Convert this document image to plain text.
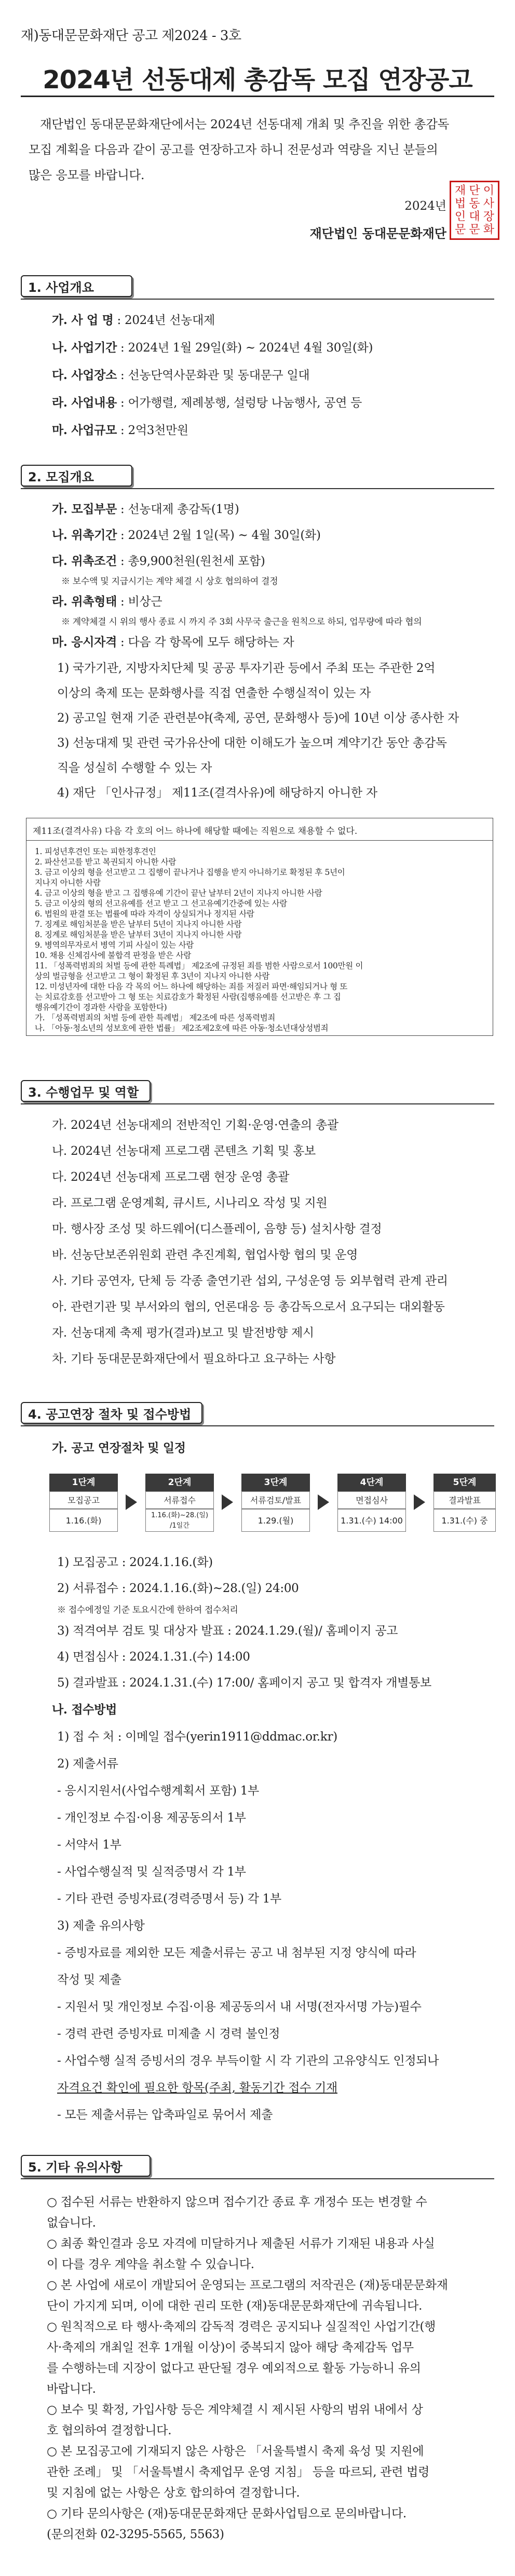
재)동대문문화재단 공고 제2024 - 3호
2024년 선동대제 총감독 모집 연장공고
재단법인 동대문문화재단에서는 2024년 선동대제 개최 및 추진을 위한 총감독
모집 계획을 다음과 같이 공고를 연장하고자 하니 전문성과 역량을 지닌 분들의
많은 응모를 바랍니다.
2024년
재단법인 동대문문화재단
재 단 이
법 동 사
인 대 장
문 문 화
1. 사업개요
가. 사 업 명 : 2024년 선농대제
나. 사업기간 : 2024년 1월 29일(화) ~ 2024년 4월 30일(화)
다. 사업장소 : 선농단역사문화관 및 동대문구 일대
라. 사업내용 : 어가행렬, 제례봉행, 설렁탕 나눔행사, 공연 등
마. 사업규모 : 2억3천만원
2. 모집개요
가. 모집부문 : 선농대제 총감독(1명)
나. 위촉기간 : 2024년 2월 1일(목) ~ 4월 30일(화)
다. 위촉조건 : 총9,900천원(원천세 포함)
※ 보수액 및 지급시기는 계약 체결 시 상호 협의하여 결정
라. 위촉형태 : 비상근
※ 계약체결 시 위의 행사 종료 시 까지 주 3회 사무국 출근을 원칙으로 하되, 업무량에 따라 협의
마. 응시자격 : 다음 각 항목에 모두 해당하는 자
1) 국가기관, 지방자치단체 및 공공 투자기관 등에서 주최 또는 주관한 2억
이상의 축제 또는 문화행사를 직접 연출한 수행실적이 있는 자
2) 공고일 현재 기준 관련분야(축제, 공연, 문화행사 등)에 10년 이상 종사한 자
3) 선농대제 및 관련 국가유산에 대한 이해도가 높으며 계약기간 동안 총감독
직을 성실히 수행할 수 있는 자
4) 재단 「인사규정」 제11조(결격사유)에 해당하지 아니한 자
제11조(결격사유) 다음 각 호의 어느 하나에 해당할 때에는 직원으로 채용할 수 없다.
1. 피성년후견인 또는 피한정후견인
2. 파산선고를 받고 복권되지 아니한 사람
3. 금고 이상의 형을 선고받고 그 집행이 끝나거나 집행을 받지 아니하기로 확정된 후 5년이
지나지 아니한 사람
4. 금고 이상의 형을 받고 그 집행유예 기간이 끝난 날부터 2년이 지나지 아니한 사람
5. 금고 이상의 형의 선고유예를 선고 받고 그 선고유예기간중에 있는 사람
6. 법원의 판결 또는 법률에 따라 자격이 상실되거나 정지된 사람
7. 징계로 해임처분을 받은 날부터 5년이 지나지 아니한 사람
8. 징계로 해임처분을 받은 날부터 3년이 지나지 아니한 사람
9. 병역의무자로서 병역 기피 사실이 있는 사람
10. 채용 신체검사에 불합격 판정을 받은 사람
11. 「성폭력범죄의 처벌 등에 관한 특례법」 제2조에 규정된 죄를 범한 사람으로서 100만원 이
상의 벌금형을 선고받고 그 형이 확정된 후 3년이 지나지 아니한 사람
12. 미성년자에 대한 다음 각 목의 어느 하나에 해당하는 죄를 저질러 파면·해임되거나 형 또
는 치료감호를 선고받아 그 형 또는 치료감호가 확정된 사람(집행유예를 선고받은 후 그 집
행유예기간이 경과한 사람을 포함한다)
가. 「성폭력범죄의 처벌 등에 관한 특례법」 제2조에 따른 성폭력범죄
나. 「아동·청소년의 성보호에 관한 법률」 제2조제2호에 따른 아동·청소년대상성범죄
3. 수행업무 및 역할
가. 2024년 선농대제의 전반적인 기획·운영·연출의 총괄
나. 2024년 선농대제 프로그램 콘텐츠 기획 및 홍보
다. 2024년 선농대제 프로그램 현장 운영 총괄
라. 프로그램 운영계획, 큐시트, 시나리오 작성 및 지원
마. 행사장 조성 및 하드웨어(디스플레이, 음향 등) 설치사항 결정
바. 선농단보존위원회 관련 추진계획, 협업사항 협의 및 운영
사. 기타 공연자, 단체 등 각종 출연기관 섭외, 구성운영 등 외부협력 관계 관리
아. 관련기관 및 부서와의 협의, 언론대응 등 총감독으로서 요구되는 대외활동
자. 선농대제 축제 평가(결과)보고 및 발전방향 제시
차. 기타 동대문문화재단에서 필요하다고 요구하는 사항
4. 공고연장 절차 및 접수방법
가. 공고 연장절차 및 일정
1단계
모집공고
1.16.(화)
2단계
서류접수
1.16.(화)~28.(일)
/1일간
3단계
서류검토/발표
1.29.(월)
4단계
면접심사
1.31.(수) 14:00
5단계
결과발표
1.31.(수) 중
1) 모집공고 : 2024.1.16.(화)
2) 서류접수 : 2024.1.16.(화)~28.(일) 24:00
※ 접수에정일 기준 토요시간에 한하여 접수처리
3) 적격여부 검토 및 대상자 발표 : 2024.1.29.(월)/ 홈페이지 공고
4) 면접심사 : 2024.1.31.(수) 14:00
5) 결과발표 : 2024.1.31.(수) 17:00/ 홈페이지 공고 및 합격자 개별통보
나. 접수방법
1) 접 수 처 : 이메일 접수(yerin1911@ddmac.or.kr)
2) 제출서류
- 응시지원서(사업수행계획서 포함) 1부
- 개인정보 수집·이용 제공동의서 1부
- 서약서 1부
- 사업수행실적 및 실적증명서 각 1부
- 기타 관련 증빙자료(경력증명서 등) 각 1부
3) 제출 유의사항
- 증빙자료를 제외한 모든 제출서류는 공고 내 첨부된 지정 양식에 따라
작성 및 제출
- 지원서 및 개인정보 수집·이용 제공동의서 내 서명(전자서명 가능)필수
- 경력 관련 증빙자료 미제출 시 경력 불인정
- 사업수행 실적 증빙서의 경우 부득이할 시 각 기관의 고유양식도 인정되나
자격요건 확인에 필요한 항목(주최, 활동기간 접수 기재
- 모든 제출서류는 압축파일로 묶어서 제출
5. 기타 유의사항
○ 접수된 서류는 반환하지 않으며 접수기간 종료 후 개정수 또는 변경할 수
없습니다.
○ 최종 확인결과 응모 자격에 미달하거나 제출된 서류가 기재된 내용과 사실
이 다를 경우 계약을 취소할 수 있습니다.
○ 본 사업에 새로이 개발되어 운영되는 프로그램의 저작권은 (재)동대문문화재
단이 가지게 되며, 이에 대한 권리 또한 (재)동대문문화재단에 귀속됩니다.
○ 원칙적으로 타 행사·축제의 감독적 경력은 공지되나 실질적인 사업기간(행
사·축제의 개최일 전후 1개월 이상)이 중복되지 않아 해당 축제감독 업무
를 수행하는데 지장이 없다고 판단될 경우 예외적으로 활동 가능하니 유의
바랍니다.
○ 보수 및 확정, 가입사항 등은 계약체결 시 제시된 사항의 범위 내에서 상
호 협의하여 결정합니다.
○ 본 모집공고에 기재되지 않은 사항은 「서울특별시 축제 육성 및 지원에
관한 조례」 및 「서울특별시 축제업무 운영 지침」 등을 따르되, 관련 법령
및 지침에 없는 사항은 상호 합의하여 결정합니다.
○ 기타 문의사항은 (재)동대문문화재단 문화사업팀으로 문의바랍니다.
(문의전화 02-3295-5565, 5563)
